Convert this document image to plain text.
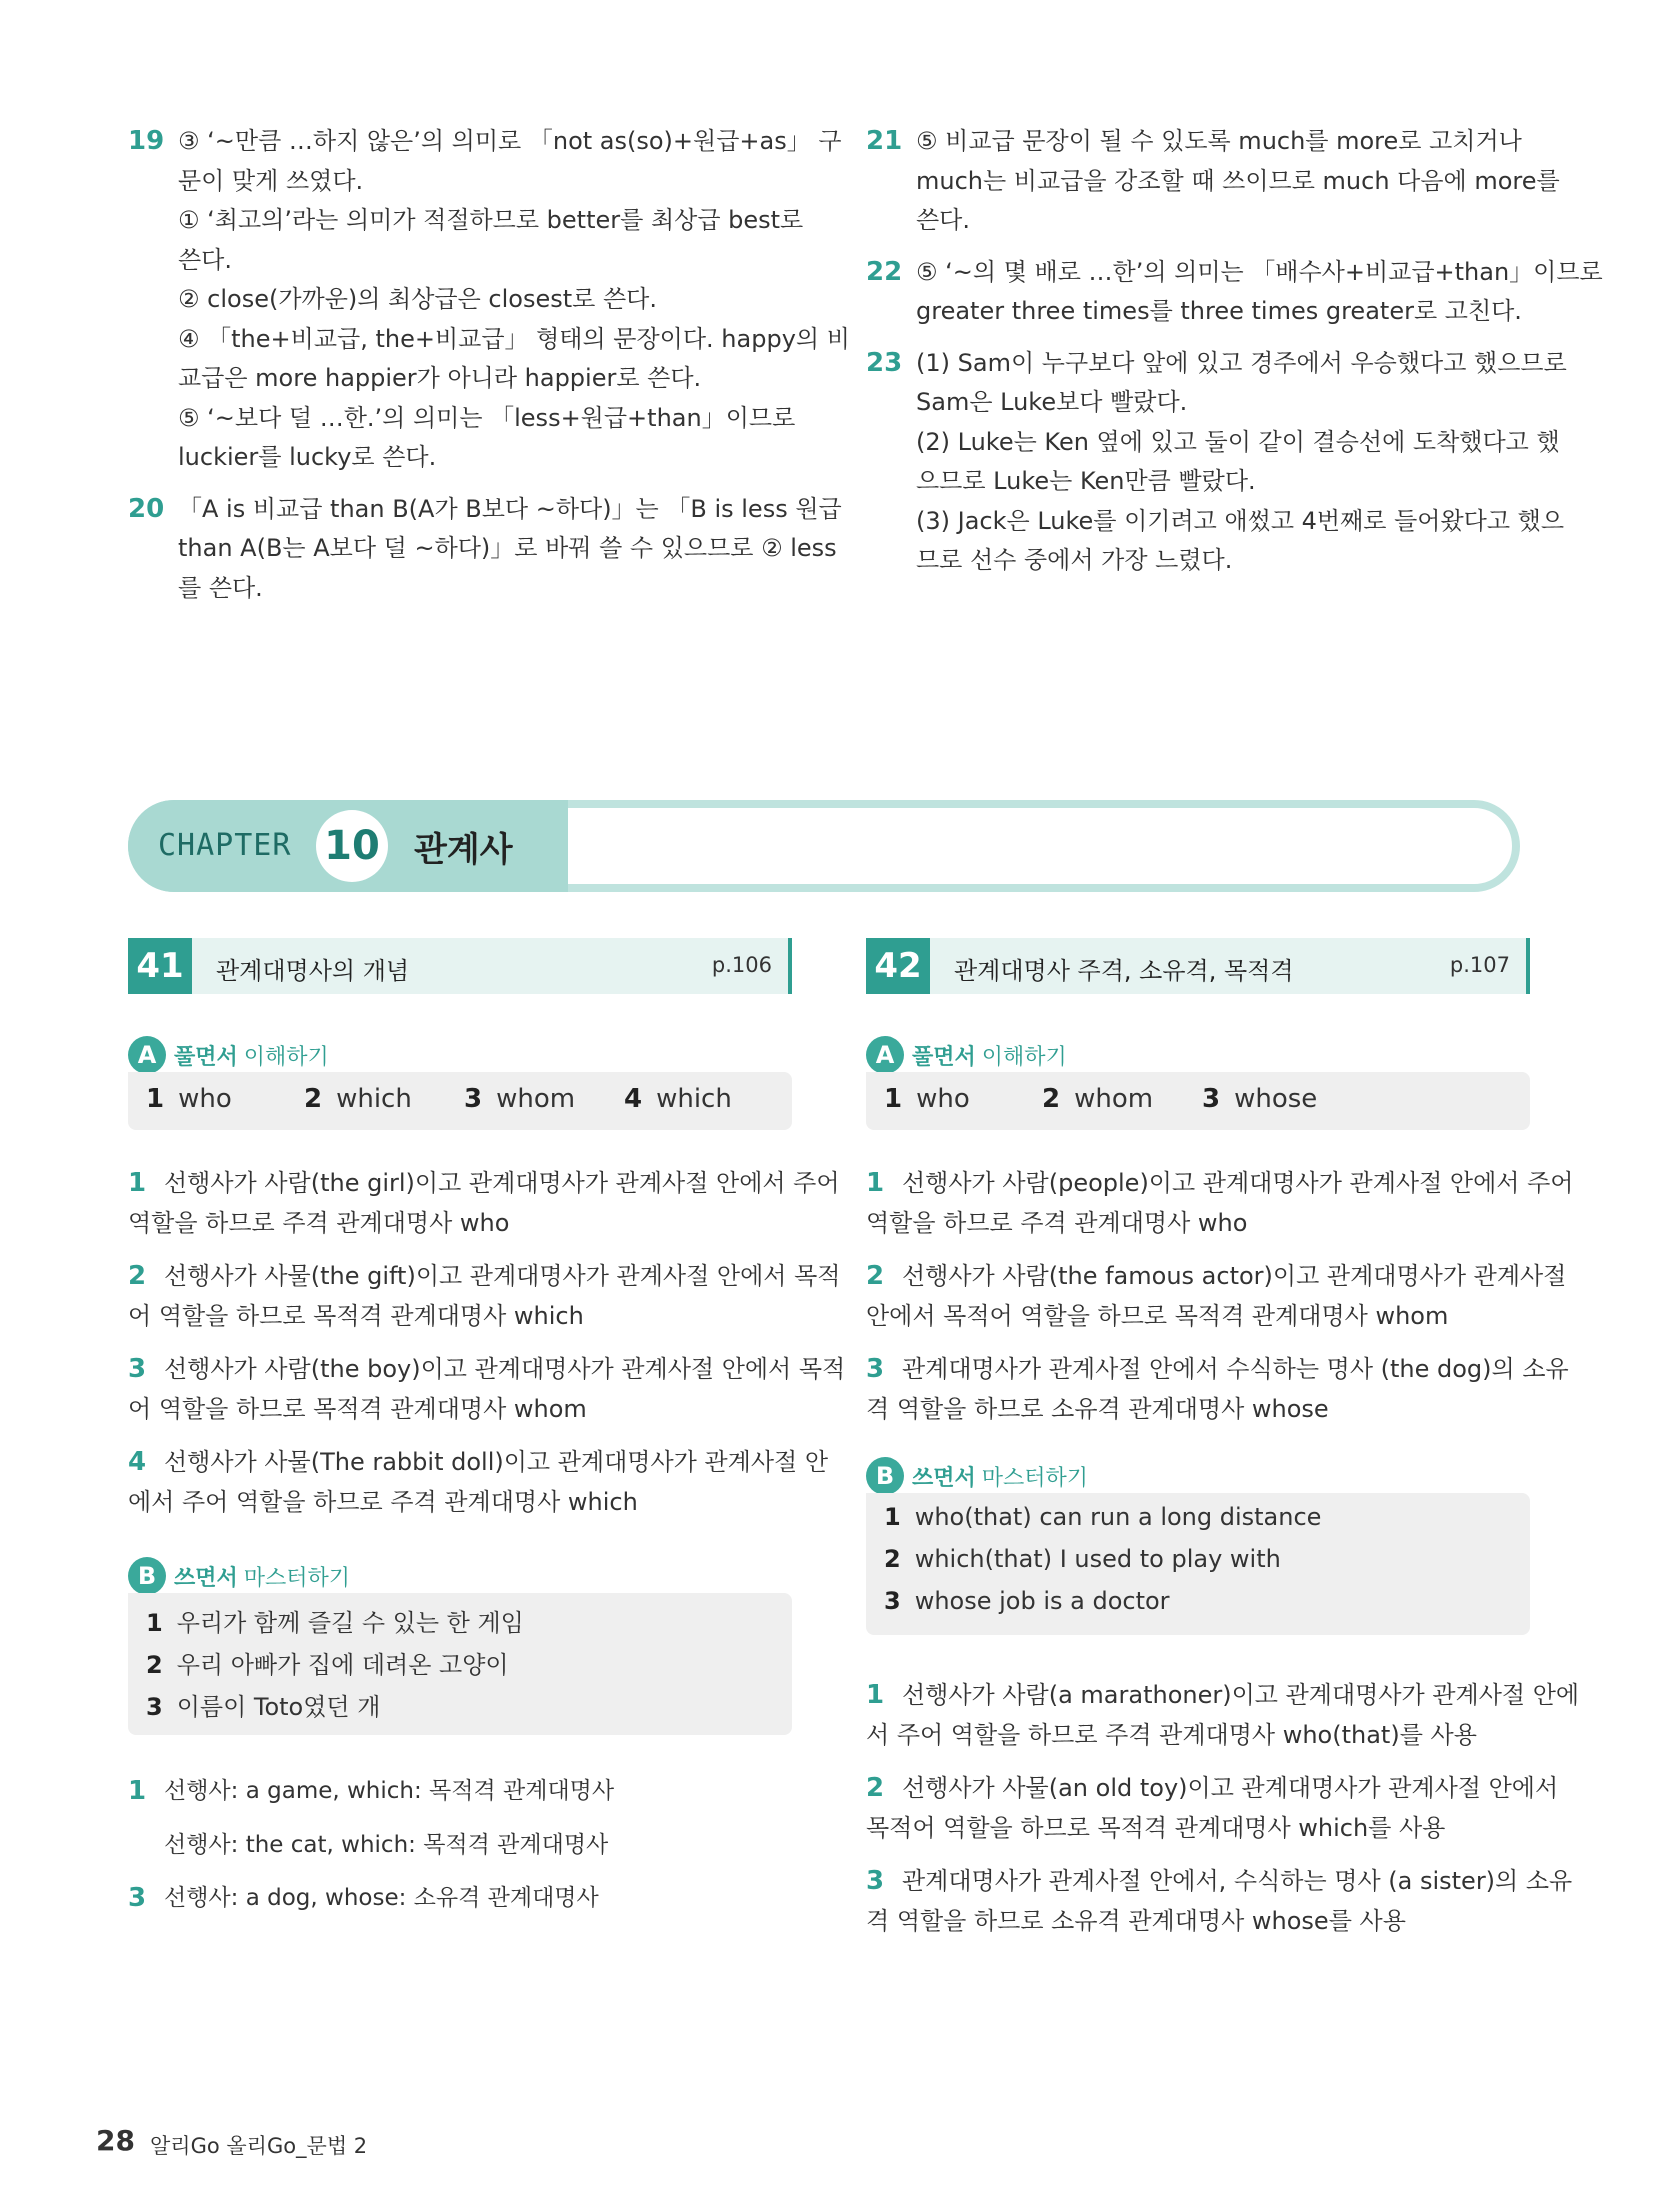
19 ③ ‘~만큼 …하지 않은’의 의미로 「not as(so)+원급+as」 구
문이 맞게 쓰였다.
① ‘최고의’라는 의미가 적절하므로 better를 최상급 best로
쓴다.
② close(가까운)의 최상급은 closest로 쓴다.
④ 「the+비교급, the+비교급」 형태의 문장이다. happy의 비
교급은 more happier가 아니라 happier로 쓴다.
⑤ ‘~보다 덜 …한.’의 의미는 「less+원급+than」이므로
luckier를 lucky로 쓴다.
20 「A is 비교급 than B(A가 B보다 ~하다)」는 「B is less 원급
than A(B는 A보다 덜 ~하다)」로 바꿔 쓸 수 있으므로 ② less
를 쓴다.
21 ⑤ 비교급 문장이 될 수 있도록 much를 more로 고치거나
much는 비교급을 강조할 때 쓰이므로 much 다음에 more를
쓴다.
22 ⑤ ‘~의 몇 배로 …한’의 의미는 「배수사+비교급+than」이므로
greater three times를 three times greater로 고친다.
23 (1) Sam이 누구보다 앞에 있고 경주에서 우승했다고 했으므로
Sam은 Luke보다 빨랐다.
(2) Luke는 Ken 옆에 있고 둘이 같이 결승선에 도착했다고 했
으므로 Luke는 Ken만큼 빨랐다.
(3) Jack은 Luke를 이기려고 애썼고 4번째로 들어왔다고 했으
므로 선수 중에서 가장 느렸다.
CHAPTER 10 관계사
41	관계대명사의 개념	p.106
A 풀면서 이해하기
1 who	2 which 3 whom 4 which
1 선행사가 사람(the girl)이고 관계대명사가 관계사절 안에서 주어
역할을 하므로 주격 관계대명사 who
2 선행사가 사물(the gift)이고 관계대명사가 관계사절 안에서 목적
어 역할을 하므로 목적격 관계대명사 which
3 선행사가 사람(the boy)이고 관계대명사가 관계사절 안에서 목적
어 역할을 하므로 목적격 관계대명사 whom
4 선행사가 사물(The rabbit doll)이고 관계대명사가 관계사절 안
에서 주어 역할을 하므로 주격 관계대명사 which
B 쓰면서 마스터하기
1 우리가 함께 즐길 수 있는 한 게임
2 우리 아빠가 집에 데려온 고양이
3 이름이 Toto였던 개
1 선행사: a game, which: 목적격 관계대명사
선행사: the cat, which: 목적격 관계대명사
3 선행사: a dog, whose: 소유격 관계대명사
42	관계대명사 주격, 소유격, 목적격	p.107
A 풀면서 이해하기
1 who	2 whom 3 whose
1 선행사가 사람(people)이고 관계대명사가 관계사절 안에서 주어
역할을 하므로 주격 관계대명사 who
2 선행사가 사람(the famous actor)이고 관계대명사가 관계사절
안에서 목적어 역할을 하므로 목적격 관계대명사 whom
3 관계대명사가 관계사절 안에서 수식하는 명사 (the dog)의 소유
격 역할을 하므로 소유격 관계대명사 whose
B 쓰면서 마스터하기
1 who(that) can run a long distance
2 which(that) I used to play with
3 whose job is a doctor
1 선행사가 사람(a marathoner)이고 관계대명사가 관계사절 안에
서 주어 역할을 하므로 주격 관계대명사 who(that)를 사용
2 선행사가 사물(an old toy)이고 관계대명사가 관계사절 안에서
목적어 역할을 하므로 목적격 관계대명사 which를 사용
3 관계대명사가 관계사절 안에서, 수식하는 명사 (a sister)의 소유
격 역할을 하므로 소유격 관계대명사 whose를 사용
28 알리Go 올리Go_문법 2
